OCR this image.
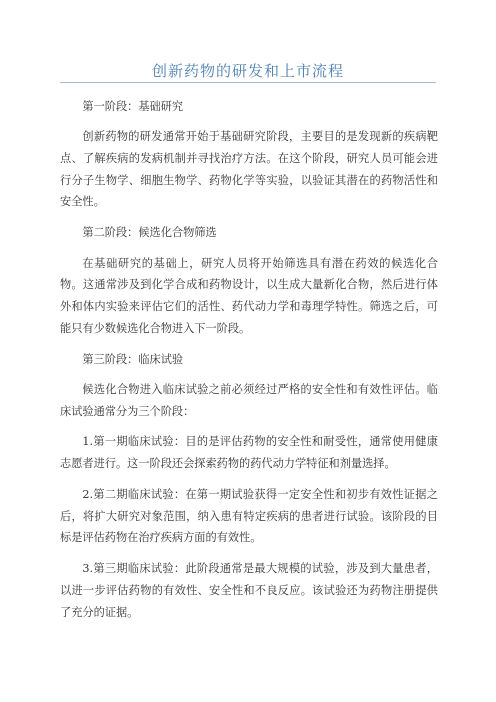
创新药物的研发和上市流程

第一阶段：基础研究

创新药物的研发通常开始于基础研究阶段，主要目的是发现新的疾病靶点、了解疾病的发病机制并寻找治疗方法。在这个阶段，研究人员可能会进行分子生物学、细胞生物学、药物化学等实验，以验证其潜在的药物活性和安全性。

第二阶段：候选化合物筛选

在基础研究的基础上，研究人员将开始筛选具有潜在药效的候选化合物。这通常涉及到化学合成和药物设计，以生成大量新化合物，然后进行体外和体内实验来评估它们的活性、药代动力学和毒理学特性。筛选之后，可能只有少数候选化合物进入下一阶段。

第三阶段：临床试验

候选化合物进入临床试验之前必须经过严格的安全性和有效性评估。临床试验通常分为三个阶段：

1.第一期临床试验：目的是评估药物的安全性和耐受性，通常使用健康志愿者进行。这一阶段还会探索药物的药代动力学特征和剂量选择。

2.第二期临床试验：在第一期试验获得一定安全性和初步有效性证据之后，将扩大研究对象范围，纳入患有特定疾病的患者进行试验。该阶段的目标是评估药物在治疗疾病方面的有效性。

3.第三期临床试验：此阶段通常是最大规模的试验，涉及到大量患者，以进一步评估药物的有效性、安全性和不良反应。该试验还为药物注册提供了充分的证据。
